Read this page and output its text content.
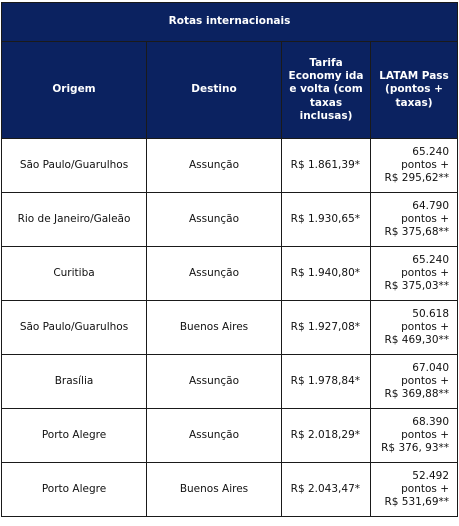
Rotas internacionais			
Origem	Destino	Tarifa Economy ida e volta (com taxas inclusas)	LATAM Pass (pontos + taxas)
São Paulo/Guarulhos	Assunção	R$ 1.861,39*	65.240 pontos +
R$ 295,62**
Rio de Janeiro/Galeão	Assunção	R$ 1.930,65*	64.790 pontos +
R$ 375,68**
Curitiba	Assunção	R$ 1.940,80*	65.240 pontos +
R$ 375,03**
São Paulo/Guarulhos	Buenos Aires	R$ 1.927,08*	50.618 pontos +
R$ 469,30**
Brasília	Assunção	R$ 1.978,84*	67.040 pontos +
R$ 369,88**
Porto Alegre	Assunção	R$ 2.018,29*	68.390 pontos +
R$ 376, 93**
Porto Alegre	Buenos Aires	R$ 2.043,47*	52.492 pontos +
R$ 531,69**
